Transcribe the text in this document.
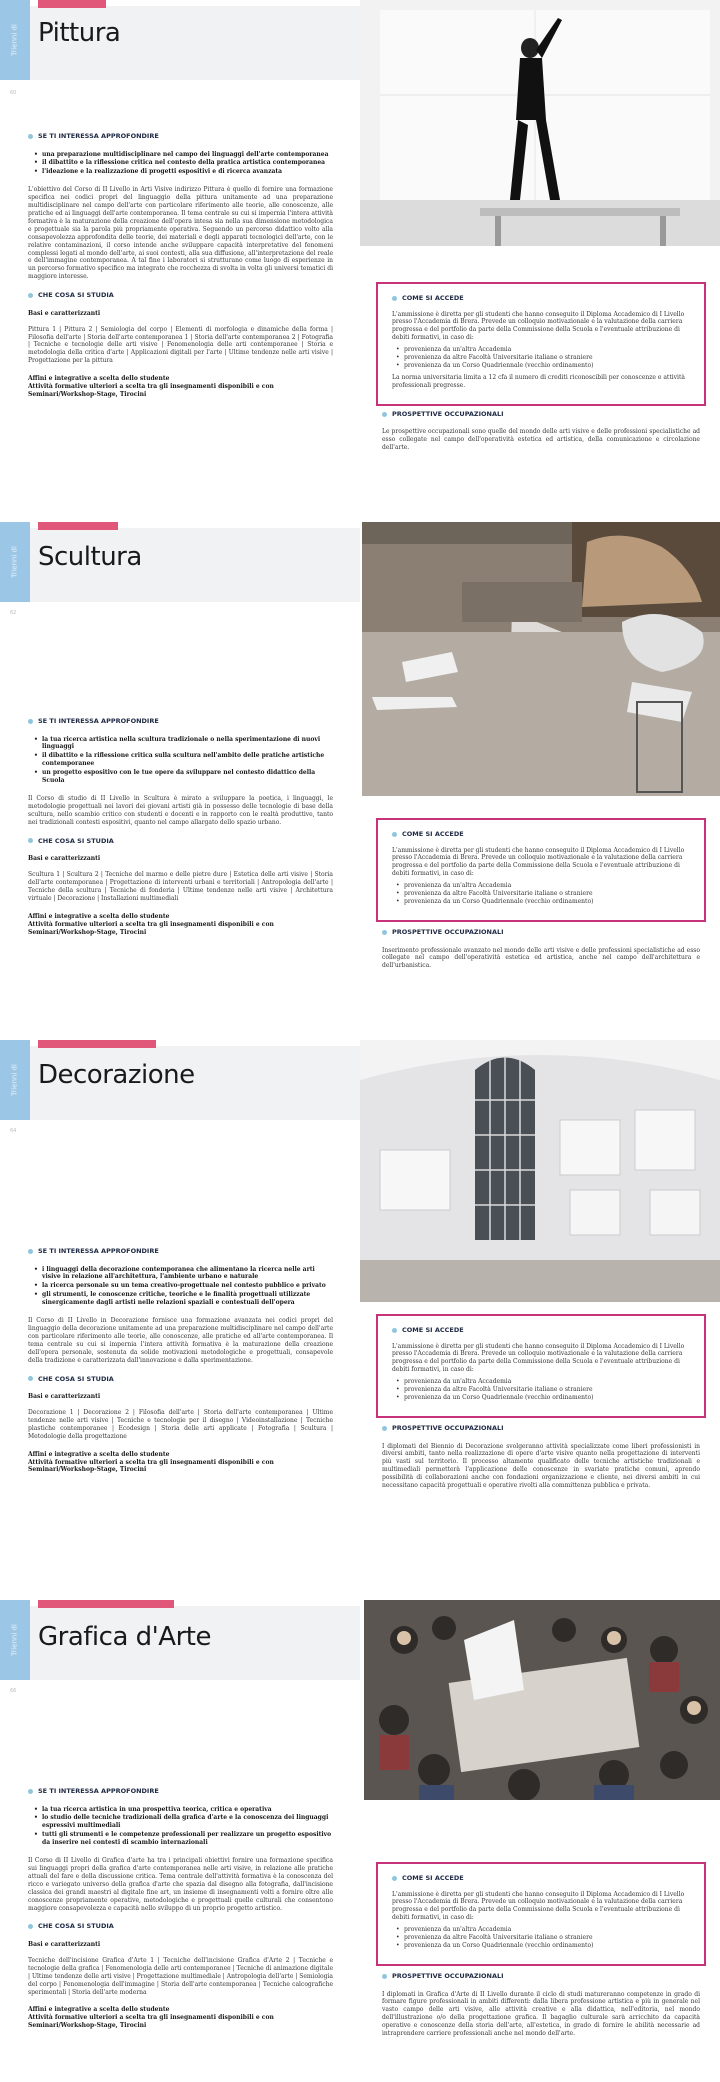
Trienni di
60
Pittura
SE TI INTERESSA APPROFONDIRE
• una preparazione multidisciplinare nel campo dei linguaggi dell'arte contemporanea
• il dibattito e la riflessione critica nel contesto della pratica artistica contemporanea
• l'ideazione e la realizzazione di progetti espositivi e di ricerca avanzata

L'obiettivo del Corso di II Livello in Arti Visive indirizzo Pittura è quello di fornire una formazione specifica nei codici propri del linguaggio della pittura unitamente ad una preparazione multidisciplinare nel campo dell'arte con particolare riferimento alle teorie, alle conoscenze, alle pratiche ed ai linguaggi dell'arte contemporanea. Il tema centrale su cui si imperniа l'intera attività formativa è la maturazione della creazione dell'opera intesa sia nella sua dimensione metodologica e progettuale sia la parola più propriamente operativa. Seguendo un percorso didattico volto alla consapevolezza approfondita delle teorie, dei materiali e degli apparati tecnologici dell'arte, con le relative contaminazioni, il corso intende anche sviluppare capacità interpretative del fenomeni complessi legati al mondo dell'arte, ai suoi contesti, alla sua diffusione, all'interpretazione del reale e dell'immagine contemporanea. A tal fine i laboratori si strutturano come luogo di esperienze in un percorso formativo specifico ma integrato che rocchezza di svolta in volta gli universi tematici di maggiore interesse.

CHE COSA SI STUDIA
Basi e caratterizzanti

Pittura 1 | Pittura 2 | Semiologia del corpo | Elementi di morfologia e dinamiche della forma | Filosofia dell'arte | Storia dell'arte contemporanea 1 | Storia dell'arte contemporanea 2 | Fotografia | Tecniche e tecnologie delle arti visive | Fenomenologia delle arti contemporanee | Storia e metodologia della critica d'arte | Applicazioni digitali per l'arte | Ultime tendenze nelle arti visive | Progettazione per la pittura

Affini e integrative a scelta dello studente
Attività formative ulteriori a scelta tra gli insegnamenti disponibili e con Seminari/Workshop-Stage, Tirocini
COME SI ACCEDE

L'ammissione è diretta per gli studenti che hanno conseguito il Diploma Accademico di I Livello presso l'Accademia di Brera. Prevede un colloquio motivazionale e la valutazione della carriera progressa e del portfolio da parte della Commissione della Scuola e l'eventuale attribuzione di debiti formativi, in caso di:

• provenienza da un'altra Accademia
• provenienza da altre Facoltà Universitarie italiane o straniere
• provenienza da un Corso Quadriennale (vecchio ordinamento)

La norma universitaria limita a 12 cfa il numero di crediti riconoscibili per conoscenze e attività professionali pregresse.

PROSPETTIVE OCCUPAZIONALI

Le prospettive occupazionali sono quelle del mondo delle arti visive e delle professioni specialistiche ad esso collegate nel campo dell'operatività estetica ed artistica, della comunicazione e circolazione dell'arte.

Trienni di
62
Scultura
SE TI INTERESSA APPROFONDIRE
• la tua ricerca artistica nella scultura tradizionale o nella sperimentazione di nuovi linguaggi
• il dibattito e la riflessione critica sulla scultura nell'ambito delle pratiche artistiche contemporanee
• un progetto espositivo con le tue opere da sviluppare nel contesto didattico della Scuola

Il Corso di studio di II Livello in Scultura è mirato a sviluppare la poetica, i linguaggi, le metodologie progettuali nei lavori dei giovani artisti già in possesso delle tecnologie di base della scultura, nello scambio critico con studenti e docenti e in rapporto con le realtà produttive, tanto nei tradizionali contesti espositivi, quanto nel campo allargato dello spazio urbano.

CHE COSA SI STUDIA
Basi e caratterizzanti

Scultura 1 | Scultura 2 | Tecniche del marmo e delle pietre dure | Estetica delle arti visive | Storia dell'arte contemporanea | Progettazione di interventi urbani e territoriali | Antropologia dell'arte | Tecniche della scultura | Tecniche di fonderia | Ultime tendenze nelle arti visive | Architettura virtuale | Decorazione | Installazioni multimediali

Affini e integrative a scelta dello studente
Attività formative ulteriori a scelta tra gli insegnamenti disponibili e con Seminari/Workshop-Stage, Tirocini
COME SI ACCEDE

L'ammissione è diretta per gli studenti che hanno conseguito il Diploma Accademico di I Livello presso l'Accademia di Brera. Prevede un colloquio motivazionale e la valutazione della carriera progressa e del portfolio da parte della Commissione della Scuola e l'eventuale attribuzione di debiti formativi, in caso di:

• provenienza da un'altra Accademia
• provenienza da altre Facoltà Universitarie italiane o straniere
• provenienza da un Corso Quadriennale (vecchio ordinamento)
PROSPETTIVE OCCUPAZIONALI

Inserimento professionale avanzato nel mondo delle arti visive e delle professioni specialistiche ad esso collegate nel campo dell'operatività estetica ed artistica, anche nel campo dell'architettura e dell'urbanistica.

Trienni di
64
Decorazione
SE TI INTERESSA APPROFONDIRE
• i linguaggi della decorazione contemporanea che alimentano la ricerca nelle arti visive in relazione all'architettura, l'ambiente urbano e naturale
• la ricerca personale su un tema creativo-progettuale nel contesto pubblico e privato
• gli strumenti, le conoscenze critiche, teoriche e le finalità progettuali utilizzate sinergicamente dagli artisti nelle relazioni spaziali e contestuali dell'opera

Il Corso di II Livello in Decorazione fornisce una formazione avanzata nei codici propri del linguaggio della decorazione unitamente ad una preparazione multidisciplinare nel campo dell'arte con particolare riferimento alle teorie, alle conoscenze, alle pratiche ed all'arte contemporanea. Il tema centrale su cui si impernia l'intera attività formativa è la maturazione della creazione dell'opera personale, sostenuta da solide motivazioni metodologiche e progettuali, consapevole della tradizione e caratterizzata dall'innovazione e dalla sperimentazione.

CHE COSA SI STUDIA
Basi e caratterizzanti

Decorazione 1 | Decorazione 2 | Filosofia dell'arte | Storia dell'arte contemporanea | Ultime tendenze nelle arti visive | Tecniche e tecnologie per il disegno | Videoinstallazione | Tecniche plastiche contemporanee | Ecodesign | Storia delle arti applicate | Fotografia | Scultura | Metodologie della progettazione

Affini e integrative a scelta dello studente
Attività formative ulteriori a scelta tra gli insegnamenti disponibili e con Seminari/Workshop-Stage, Tirocini
COME SI ACCEDE

L'ammissione è diretta per gli studenti che hanno conseguito il Diploma Accademico di I Livello presso l'Accademia di Brera. Prevede un colloquio motivazionale e la valutazione della carriera progressa e del portfolio da parte della Commissione della Scuola e l'eventuale attribuzione di debiti formativi, in caso di:

• provenienza da un'altra Accademia
• provenienza da altre Facoltà Universitarie italiane o straniere
• provenienza da un Corso Quadriennale (vecchio ordinamento)
PROSPETTIVE OCCUPAZIONALI

I diplomati del Biennio di Decorazione svolgeranno attività specializzate come liberi professionisti in diversi ambiti, tanto nella realizzazione di opere d'arte visive quanto nella progettazione di interventi più vasti sul territorio. Il processo altamente qualificato delle tecniche artistiche tradizionali e multimediali permetterà l'applicazione delle conoscenze in svariate pratiche comuni, aprendo possibilità di collaborazioni anche con fondazioni organizzazione e cliente, nei diversi ambiti in cui necessitano capacità progettuali e operative rivolti alla committenza pubblica e privata.

Trienni di
66
Grafica d'Arte
SE TI INTERESSA APPROFONDIRE
• la tua ricerca artistica in una prospettiva teorica, critica e operativa
• lo studio delle tecniche tradizionali della grafica d'arte e la conoscenza dei linguaggi espressivi multimediali
• tutti gli strumenti e le competenze professionali per realizzare un progetto espositivo da inserire nei contesti di scambio internazionali

Il Corso di II Livello di Grafica d'arte ha tra i principali obiettivi fornire una formazione specifica sui linguaggi propri della grafica d'arte contemporanea nelle arti visive, in relazione alle pratiche attuali del fare e della discussione critica. Tema centrale dell'attività formativa è la conoscenza del ricco e variegato universo della grafica d'arte che spazia dal disegno alla fotografia, dall'incisione classica dei grandi maestri al digitale fine art, un insieme di insegnamenti volti a fornire oltre alle conoscenze propriamente operative, metodologiche e progettuali quelle culturali che consentono maggiore consapevolezza e capacità nello sviluppo di un proprio progetto artistico.

CHE COSA SI STUDIA
Basi e caratterizzanti

Tecniche dell'incisione Grafica d'Arte 1 | Tecniche dell'incisione Grafica d'Arte 2 | Tecniche e tecnologie della grafica | Fenomenologia delle arti contemporanee | Tecniche di animazione digitale | Ultime tendenze delle arti visive | Progettazione multimediale | Antropologia dell'arte | Semiologia del corpo | Fenomenologia dell'immagine | Storia dell'arte contemporanea | Tecniche calcografiche sperimentali | Storia dell'arte moderna

Affini e integrative a scelta dello studente
Attività formative ulteriori a scelta tra gli insegnamenti disponibili e con Seminari/Workshop-Stage, Tirocini
COME SI ACCEDE

L'ammissione è diretta per gli studenti che hanno conseguito il Diploma Accademico di I Livello presso l'Accademia di Brera. Prevede un colloquio motivazionale e la valutazione della carriera progressa e del portfolio da parte della Commissione della Scuola e l'eventuale attribuzione di debiti formativi, in caso di:

• provenienza da un'altra Accademia
• provenienza da altre Facoltà Universitarie italiane o straniere
• provenienza da un Corso Quadriennale (vecchio ordinamento)
PROSPETTIVE OCCUPAZIONALI

I diplomati in Grafica d'Arte di II Livello durante il ciclo di studi matureranno competenze in grado di formare figure professionali in ambiti differenti: dalla libera professione artistica e più in generale nel vasto campo delle arti visive, alle attività creative e alla didattica, nell'editoria, nel mondo dell'illustrazione o/o della progettazione grafica. Il bagaglio culturale sarà arricchito da capacità operative e conoscenze della storia dell'arte, all'estetica, in grado di fornire le abilità necessarie ad intraprendere carriere professionali anche nel mondo dell'arte.
